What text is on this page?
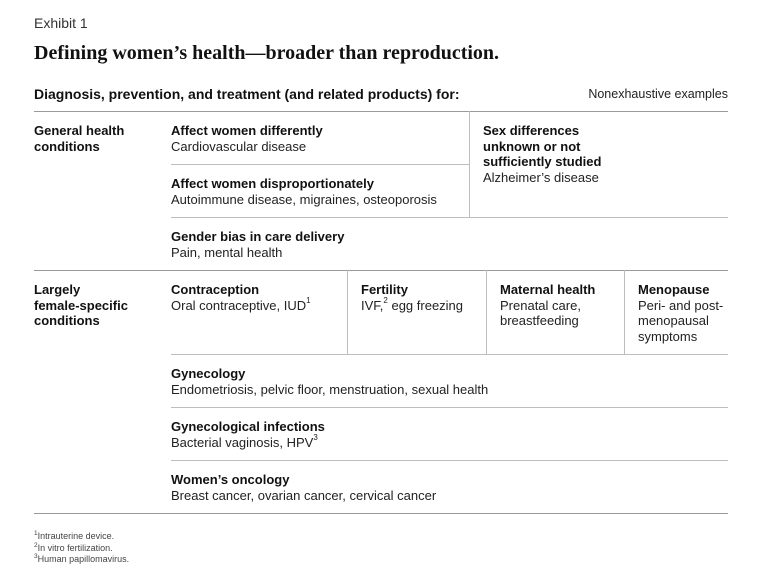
Exhibit 1
Defining women’s health—broader than reproduction.
Diagnosis, prevention, and treatment (and related products) for:	Nonexhaustive examples
General health
conditions
Affect women differently
Cardiovascular disease
Affect women disproportionately
Autoimmune disease, migraines, osteoporosis
Sex differences
unknown or not
sufficiently studied
Alzheimer’s disease
Gender bias in care delivery
Pain, mental health
Largely
female-specific
conditions
Contraception
Oral contraceptive, IUD$^1$
Fertility
IVF,$^2$ egg freezing
Maternal health
Prenatal care,
breastfeeding
Menopause
Peri- and post-
menopausal
symptoms
Gynecology
Endometriosis, pelvic floor, menstruation, sexual health
Gynecological infections
Bacterial vaginosis, HPV$^3$
Women’s oncology
Breast cancer, ovarian cancer, cervical cancer
$^1$Intrauterine device.
$^2$In vitro fertilization.
$^3$Human papillomavirus.
